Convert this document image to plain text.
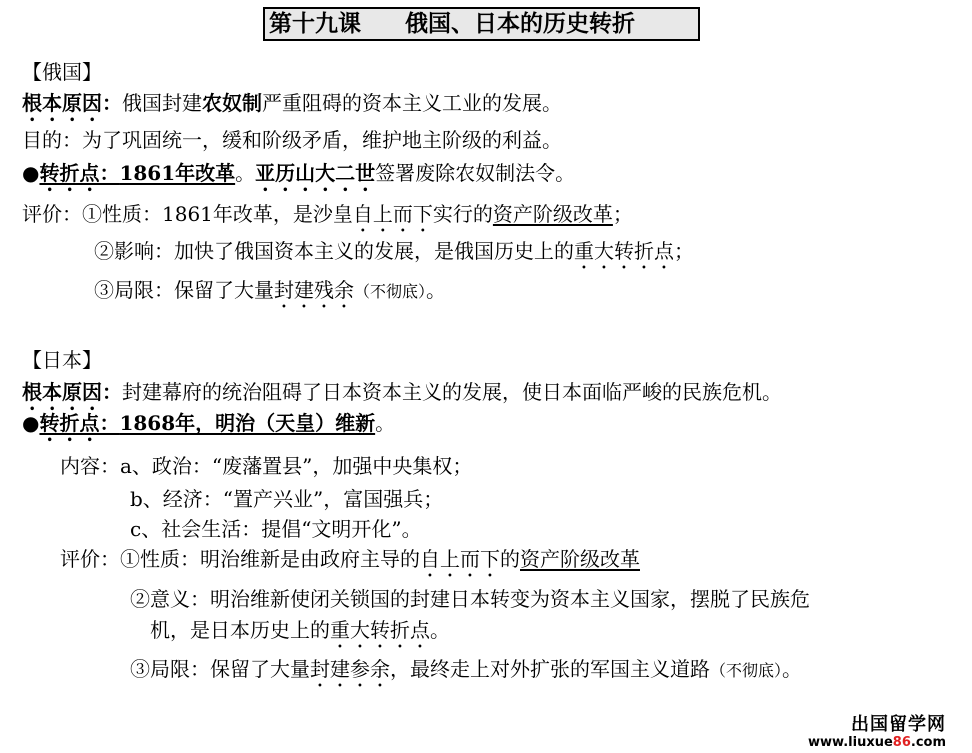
第十九课 俄国、日本的历史转折
【俄国】
根本原因：俄国封建农奴制严重阻碍的资本主义工业的发展。
目的：为了巩固统一，缓和阶级矛盾，维护地主阶级的利益。
●转折点：1861年改革。亚历山大二世签署废除农奴制法令。
评价：①性质：1861年改革，是沙皇自上而下实行的资产阶级改革；
②影响：加快了俄国资本主义的发展，是俄国历史上的重大转折点；
③局限：保留了大量封建残余（不彻底）。
【日本】
根本原因：封建幕府的统治阻碍了日本资本主义的发展，使日本面临严峻的民族危机。
●转折点：1868年，明治（天皇）维新。
内容：a、政治：“废藩置县”，加强中央集权；
b、经济：“置产兴业”，富国强兵；
c、社会生活：提倡“文明开化”。
评价：①性质：明治维新是由政府主导的自上而下的资产阶级改革
②意义：明治维新使闭关锁国的封建日本转变为资本主义国家，摆脱了民族危
机，是日本历史上的重大转折点。
③局限：保留了大量封建参余，最终走上对外扩张的军国主义道路（不彻底）。
出国留学网
www.liuxue86.com
